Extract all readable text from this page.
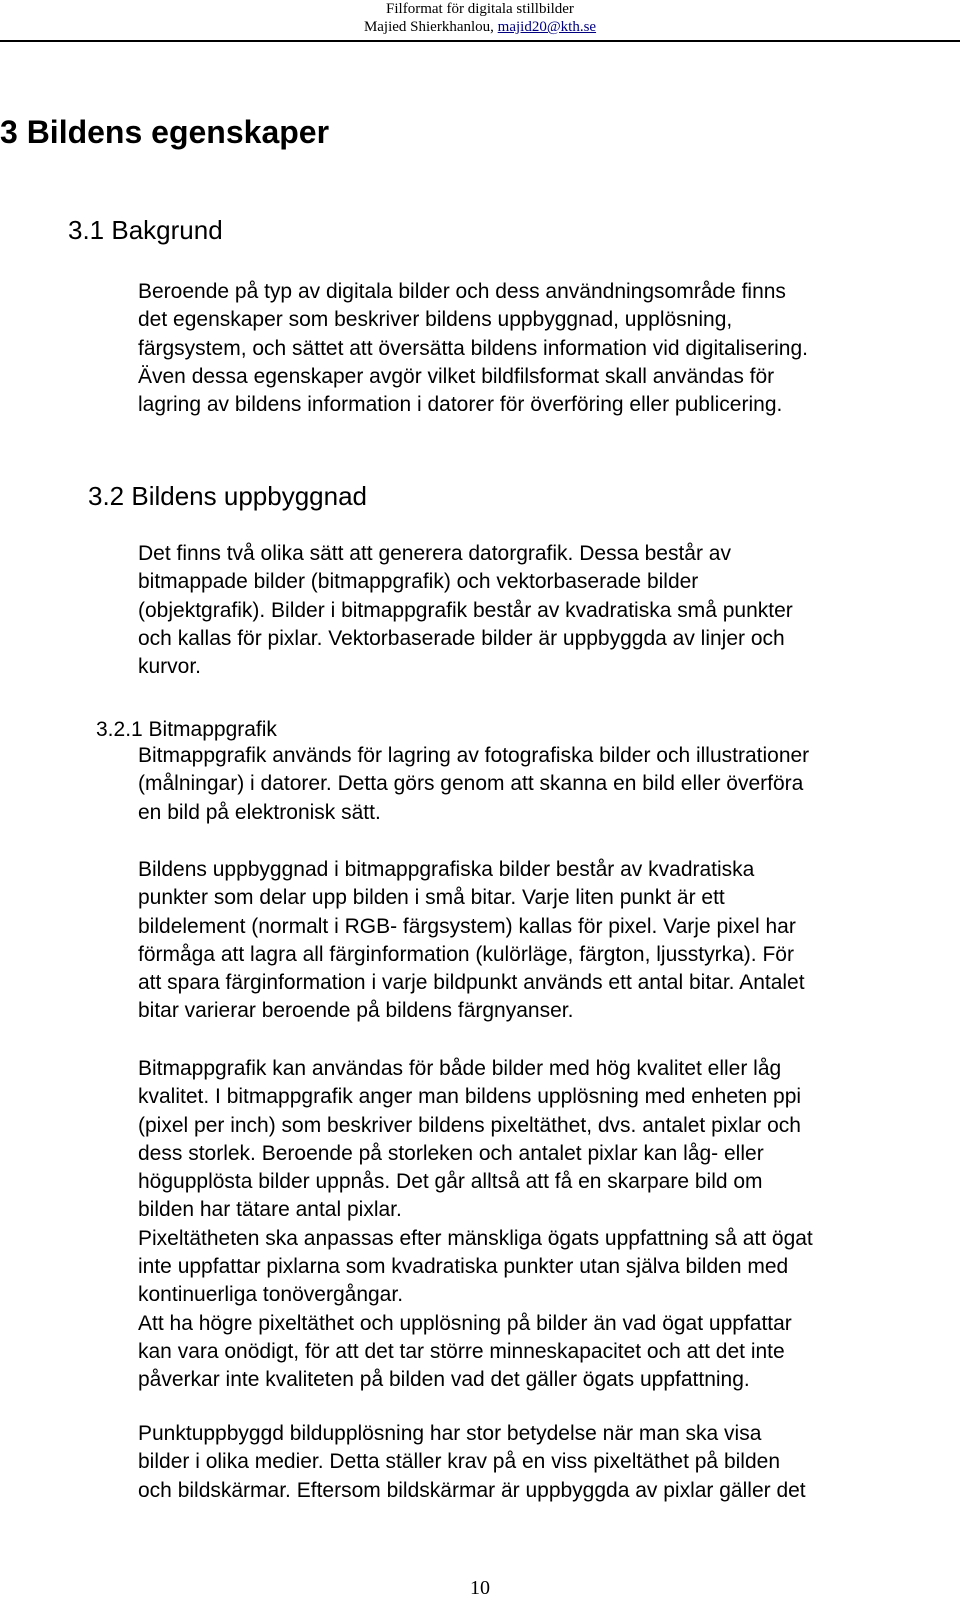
Filformat för digitala stillbilder
Majied Shierkhanlou, majid20@kth.se
3 Bildens egenskaper
3.1 Bakgrund

Beroende på typ av digitala bilder och dess användningsområde finns
det egenskaper som beskriver bildens uppbyggnad, upplösning,
färgsystem, och sättet att översätta bildens information vid digitalisering.
Även dessa egenskaper avgör vilket bildfilsformat skall användas för
lagring av bildens information i datorer för överföring eller publicering.

3.2 Bildens uppbyggnad

Det finns två olika sätt att generera datorgrafik. Dessa består av
bitmappade bilder (bitmappgrafik) och vektorbaserade bilder
(objektgrafik). Bilder i bitmappgrafik består av kvadratiska små punkter
och kallas för pixlar. Vektorbaserade bilder är uppbyggda av linjer och
kurvor.

3.2.1 Bitmappgrafik

Bitmappgrafik används för lagring av fotografiska bilder och illustrationer
(målningar) i datorer. Detta görs genom att skanna en bild eller överföra
en bild på elektronisk sätt.

Bildens uppbyggnad i bitmappgrafiska bilder består av kvadratiska
punkter som delar upp bilden i små bitar. Varje liten punkt är ett
bildelement (normalt i RGB- färgsystem) kallas för pixel. Varje pixel har
förmåga att lagra all färginformation (kulörläge, färgton, ljusstyrka). För
att spara färginformation i varje bildpunkt används ett antal bitar. Antalet
bitar varierar beroende på bildens färgnyanser.

Bitmappgrafik kan användas för både bilder med hög kvalitet eller låg
kvalitet. I bitmappgrafik anger man bildens upplösning med enheten ppi
(pixel per inch) som beskriver bildens pixeltäthet, dvs. antalet pixlar och
dess storlek. Beroende på storleken och antalet pixlar kan låg- eller
högupplösta bilder uppnås. Det går alltså att få en skarpare bild om
bilden har tätare antal pixlar.
Pixeltätheten ska anpassas efter mänskliga ögats uppfattning så att ögat
inte uppfattar pixlarna som kvadratiska punkter utan själva bilden med
kontinuerliga tonövergångar.
Att ha högre pixeltäthet och upplösning på bilder än vad ögat uppfattar
kan vara onödigt, för att det tar större minneskapacitet och att det inte
påverkar inte kvaliteten på bilden vad det gäller ögats uppfattning.

Punktuppbyggd bildupplösning har stor betydelse när man ska visa
bilder i olika medier. Detta ställer krav på en viss pixeltäthet på bilden
och bildskärmar. Eftersom bildskärmar är uppbyggda av pixlar gäller det

10
